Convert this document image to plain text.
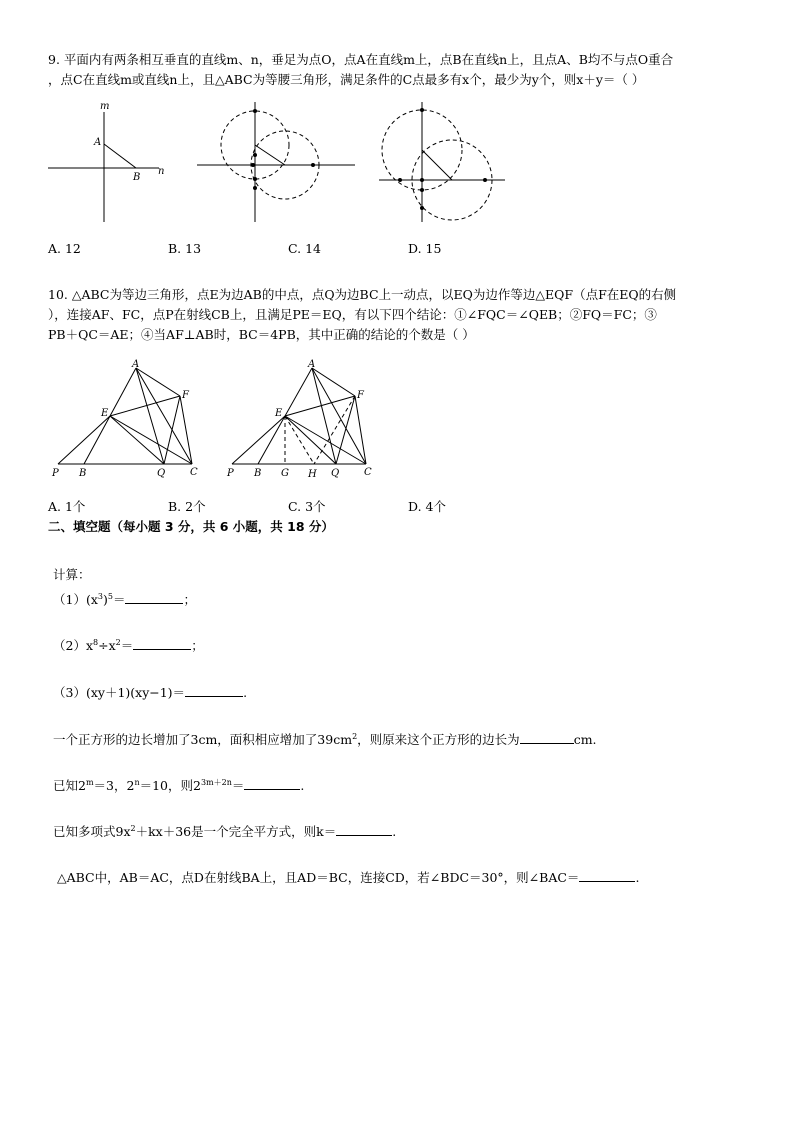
9. 平面内有两条相互垂直的直线m、n，垂足为点O，点A在直线m上，点B在直线n上，且点A、B均不与点O重合
，点C在直线m或直线n上，且△ABC为等腰三角形，满足条件的C点最多有x个，最少为y个，则x＋y＝（ ）
m
A
B
n
A. 12	B. 13	C. 14	D. 15
10. △ABC为等边三角形，点E为边AB的中点，点Q为边BC上一动点，以EQ为边作等边△EQF（点F在EQ的右侧
），连接AF、FC，点P在射线CB上，且满足PE＝EQ，有以下四个结论：①∠FQC＝∠QEB；②FQ＝FC；③
PB＋QC＝AE；④当AF⊥AB时，BC＝4PB，其中正确的结论的个数是（ ）
A
F
E
P B	Q C
A
F
E
P B G H Q C
A. 1个	B. 2个	C. 3个	D. 4个
二、填空题（每小题 3 分，共 6 小题，共 18 分）
计算：
$(1)(x^3)^5=$	；
$(2)x^8\div x^2=$	；
（3）(xy＋1)(xy−1)＝	.
一个正方形的边长增加了3cm，面积相应增加了$39cm^2$，则原来这个正方形的边长为	cm.
已知$2^m=3$，$2^n=10$，则$2^{3m+2n}=$	.
已知多项式$9x^2+kx+36$是一个完全平方式，则k＝	.
△ABC中，AB＝AC，点D在射线BA上，且AD＝BC，连接CD，若∠BDC＝30°，则∠BAC＝	.
